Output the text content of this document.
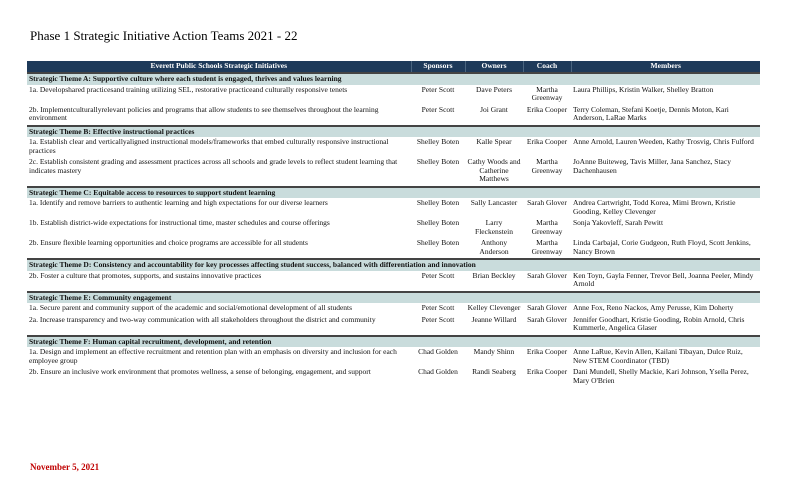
Phase 1 Strategic Initiative Action Teams 2021 - 22
Everett Public Schools Strategic Initiatives	Sponsors	Owners	Coach	Members
Strategic Theme A: Supportive culture where each student is engaged, thrives and values learning				
1a. Developshared practicesand training utilizing SEL, restorative practiceand culturally responsive tenets	Peter Scott	Dave Peters	Martha Greenway	Laura Phillips, Kristin Walker, Shelley Bratton
2b. Implementculturallyrelevant policies and programs that allow students to see themselves throughout the learning environment	Peter Scott	Joi Grant	Erika Cooper	Terry Coleman, Stefani Koetje, Dennis Moton, Kari Anderson, LaRae Marks
Strategic Theme B: Effective instructional practices				
1a. Establish clear and verticallyaligned instructional models/frameworks that embed culturally responsive instructional practices	Shelley Boten	Kalle Spear	Erika Cooper	Anne Arnold, Lauren Weeden, Kathy Trosvig, Chris Fulford
2c. Establish consistent grading and assessment practices across all schools and grade levels to reflect student learning that indicates mastery	Shelley Boten	Cathy Woods and Catherine Matthews	Martha Greenway	JoAnne Buiteweg, Tavis Miller, Jana Sanchez, Stacy Dachenhausen
Strategic Theme C: Equitable access to resources to support student learning				
1a. Identify and remove barriers to authentic learning and high expectations for our diverse learners	Shelley Boten	Sally Lancaster	Sarah Glover	Andrea Cartwright, Todd Korea, Mimi Brown, Kristie Gooding, Kelley Clevenger
1b. Establish district-wide expectations for instructional time, master schedules and course offerings	Shelley Boten	Larry Fleckenstein	Martha Greenway	Sonja Yakovleff, Sarah Pewitt
2b. Ensure flexible learning opportunities and choice programs are accessible for all students	Shelley Boten	Anthony Anderson	Martha Greenway	Linda Carbajal, Corie Gudgeon, Ruth Floyd, Scott Jenkins, Nancy Brown
Strategic Theme D: Consistency and accountability for key processes affecting student success, balanced with differentiation and innovation				
2b. Foster a culture that promotes, supports, and sustains innovative practices	Peter Scott	Brian Beckley	Sarah Glover	Ken Toyn, Gayla Fenner, Trevor Bell, Joanna Peeler, Mindy Arnold
Strategic Theme E: Community engagement				
1a. Secure parent and community support of the academic and social/emotional development of all students	Peter Scott	Kelley Clevenger	Sarah Glover	Anne Fox, Reno Nackos, Amy Perusse, Kim Doherty
2a. Increase transparency and two-way communication with all stakeholders throughout the district and community	Peter Scott	Jeanne Willard	Sarah Glover	Jennifer Goodhart, Kristie Gooding, Robin Arnold, Chris Kummerle, Angelica Glaser
Strategic Theme F: Human capital recruitment, development, and retention				
1a. Design and implement an effective recruitment and retention plan with an emphasis on diversity and inclusion for each employee group	Chad Golden	Mandy Shinn	Erika Cooper	Anne LaRue, Kevin Allen, Kailani Tibayan, Dulce Ruiz, New STEM Coordinator (TBD)
2b. Ensure an inclusive work environment that promotes wellness, a sense of belonging, engagement, and support	Chad Golden	Randi Seaberg	Erika Cooper	Dani Mundell, Shelly Mackie, Kari Johnson, Ysella Perez, Mary O'Brien
November 5, 2021
